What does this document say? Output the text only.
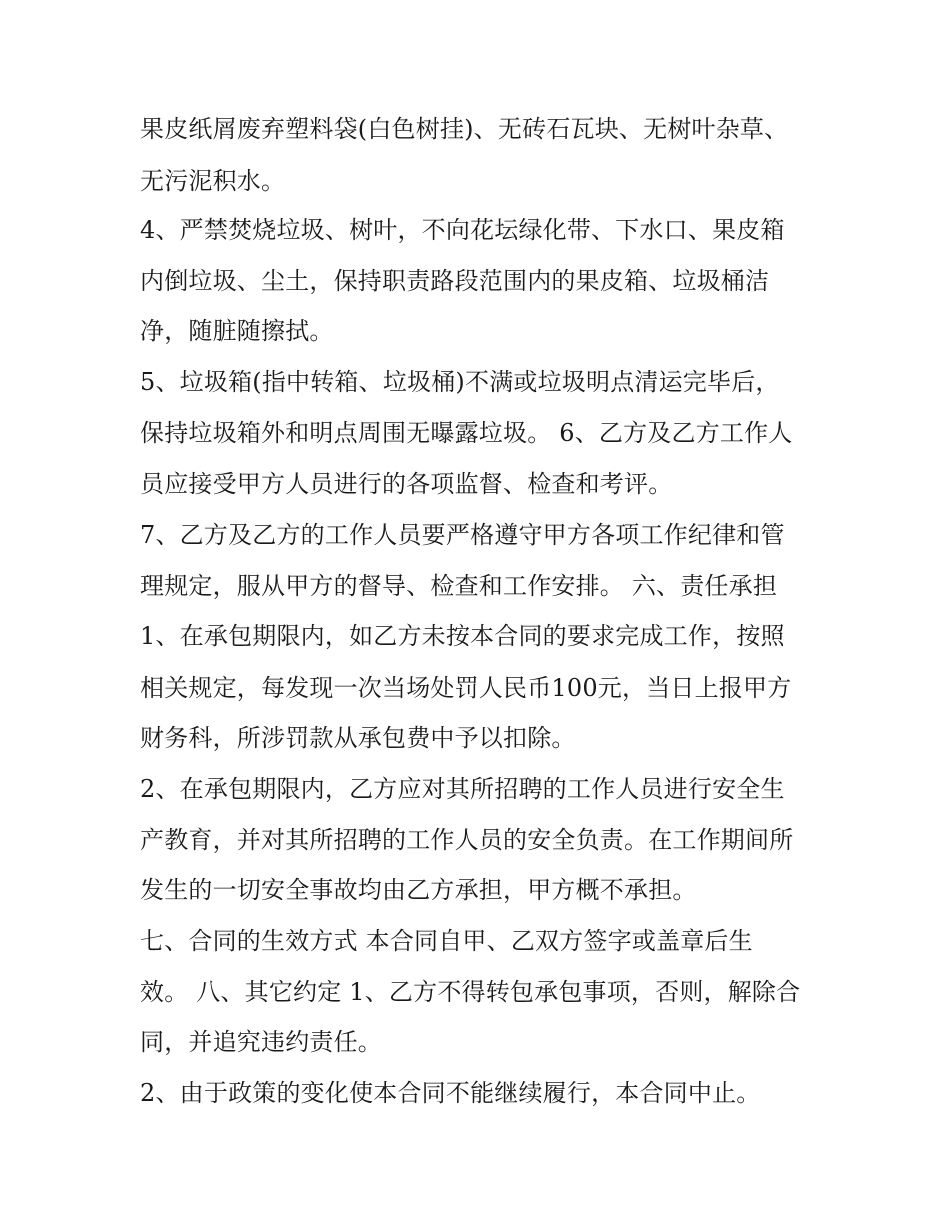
果皮纸屑废弃塑料袋(白色树挂)、无砖石瓦块、无树叶杂草、
无污泥积水。
4、严禁焚烧垃圾、树叶，不向花坛绿化带、下水口、果皮箱
内倒垃圾、尘土，保持职责路段范围内的果皮箱、垃圾桶洁
净，随脏随擦拭。
5、垃圾箱(指中转箱、垃圾桶)不满或垃圾明点清运完毕后，
保持垃圾箱外和明点周围无曝露垃圾。 6、乙方及乙方工作人
员应接受甲方人员进行的各项监督、检查和考评。
7、乙方及乙方的工作人员要严格遵守甲方各项工作纪律和管
理规定，服从甲方的督导、检查和工作安排。 六、责任承担
1、在承包期限内，如乙方未按本合同的要求完成工作，按照
相关规定，每发现一次当场处罚人民币100元，当日上报甲方
财务科，所涉罚款从承包费中予以扣除。
2、在承包期限内，乙方应对其所招聘的工作人员进行安全生
产教育，并对其所招聘的工作人员的安全负责。在工作期间所
发生的一切安全事故均由乙方承担，甲方概不承担。
七、合同的生效方式 本合同自甲、乙双方签字或盖章后生
效。 八、其它约定 1、乙方不得转包承包事项，否则，解除合
同，并追究违约责任。
2、由于政策的变化使本合同不能继续履行，本合同中止。
